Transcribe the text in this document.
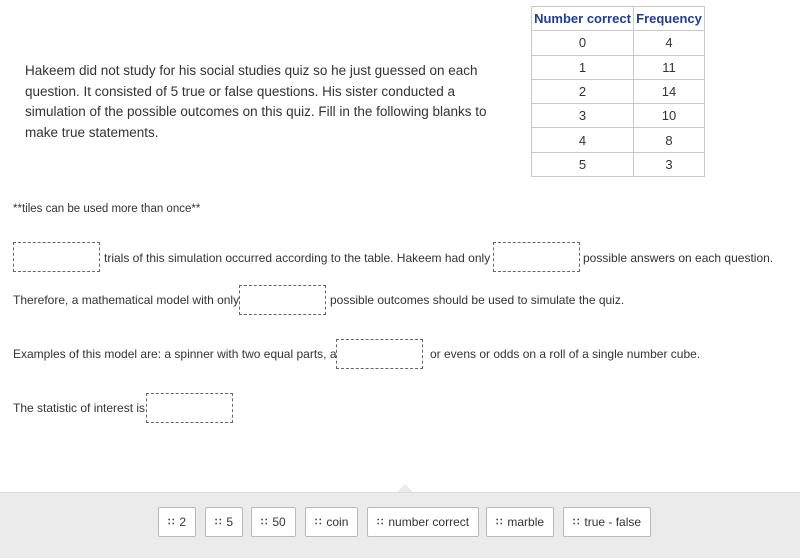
Hakeem did not study for his social studies quiz so he just guessed on each question. It consisted of 5 true or false questions. His sister conducted a simulation of the possible outcomes on this quiz. Fill in the following blanks to make true statements.
Number correct	Frequency
0	4
1	11
2	14
3	10
4	8
5	3
**tiles can be used more than once**
trials of this simulation occurred according to the table. Hakeem had only	possible answers on each question.
Therefore, a mathematical model with only	possible outcomes should be used to simulate the quiz.
Examples of this model are: a spinner with two equal parts, a	or evens or odds on a roll of a single number cube.
The statistic of interest is
∷ 2	∷ 5	∷ 50	∷ coin	∷ number correct	∷ marble	∷ true - false
